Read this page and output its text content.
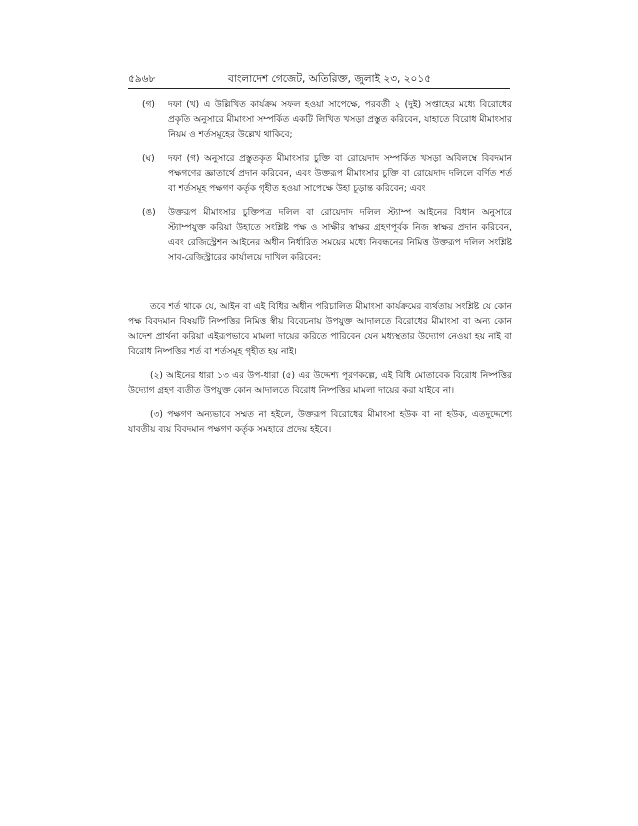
৫৯৬৮	বাংলাদেশ গেজেট, অতিরিক্ত, জুলাই ২৩, ২০১৫
(গ) দফা (খ) এ উল্লিখিত কার্যক্রম সফল হওয়া সাপেক্ষে, পরবর্তী ২ (দুই) সপ্তাহের মধ্যে বিরোধের প্রকৃতি অনুসারে মীমাংসা সম্পর্কিত একটি লিখিত খসড়া প্রস্তুত করিবেন, যাহাতে বিরোধ মীমাংসার নিয়ম ও শর্তসমূহের উল্লেখ থাকিবে;
(ঘ) দফা (গ) অনুসারে প্রস্তুতকৃত মীমাংসার চুক্তি বা রোয়েদাদ সম্পর্কিত খসড়া অবিলম্বে বিবদমান পক্ষগণের জ্ঞাতার্থে প্রদান করিবেন, এবং উক্তরূপ মীমাংসার চুক্তি বা রোয়েদাদ দলিলে বর্ণিত শর্ত বা শর্তসমূহ পক্ষগণ কর্তৃক গৃহীত হওয়া সাপেক্ষে উহা চূড়ান্ত করিবেন; এবং
(ঙ) উক্তরূপ মীমাংসার চুক্তিপত্র দলিল বা রোয়েদাদ দলিল স্ট্যাম্প আইনের বিধান অনুসারে স্ট্যাম্পযুক্ত করিয়া উহাতে সংশ্লিষ্ট পক্ষ ও সাক্ষীর স্বাক্ষর গ্রহণপূর্বক নিজ স্বাক্ষর প্রদান করিবেন, এবং রেজিস্ট্রেশন আইনের অধীন নির্ধারিত সময়ের মধ্যে নিবন্ধনের নিমিত্ত উক্তরূপ দলিল সংশ্লিষ্ট সাব-রেজিস্ট্রারের কার্যালয়ে দাখিল করিবেন:

তবে শর্ত থাকে যে, আইন বা এই বিধির অধীন পরিচালিত মীমাংসা কার্যক্রমের ব্যর্থতায় সংশ্লিষ্ট যে কোন পক্ষ বিবদমান বিষয়টি নিষ্পত্তির নিমিত্ত স্বীয় বিবেচনায় উপযুক্ত আদালতে বিরোধের মীমাংসা বা অন্য কোন আদেশ প্রার্থনা করিয়া এইরূপভাবে মামলা দায়ের করিতে পারিবেন যেন মধ্যস্থতার উদ্যোগ নেওয়া হয় নাই বা বিরোধ নিষ্পত্তির শর্ত বা শর্তসমূহ গৃহীত হয় নাই।

(২) আইনের ধারা ১৩ এর উপ-ধারা (৫) এর উদ্দেশ্য পূরণকল্পে, এই বিধি মোতাবেক বিরোধ নিষ্পত্তির উদ্যোগ গ্রহণ ব্যতীত উপযুক্ত কোন আদালতে বিরোধ নিষ্পত্তির মামলা দায়ের করা যাইবে না।

(৩) পক্ষগণ অন্যভাবে সম্মত না হইলে, উক্তরূপ বিরোধের মীমাংসা হউক বা না হউক, এতদুদ্দেশ্যে যাবতীয় ব্যয় বিবদমান পক্ষগণ কর্তৃক সমহারে প্রদেয় হইবে।
